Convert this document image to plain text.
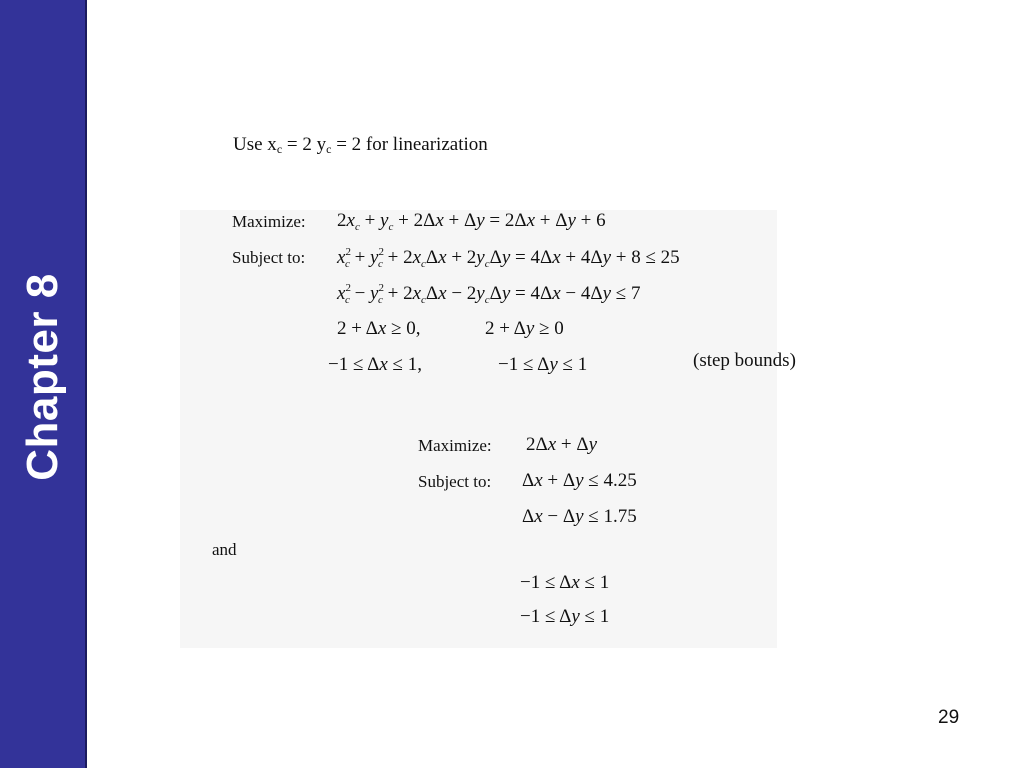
Chapter 8
Use $x_c = 2$ $y_c = 2$ for linearization
Maximize: $2x_c + y_c + 2\Delta x + \Delta y = 2\Delta x + \Delta y + 6$
Subject to: $x^2_c + y^2_c + 2x_c\Delta x + 2y_c\Delta y = 4\Delta x + 4\Delta y + 8 \le 25$
$x^2_c - y^2_c + 2x_c\Delta x - 2y_c\Delta y = 4\Delta x - 4\Delta y \le 7$
2 + Δx ≥ 0,	2 + Δy ≥ 0
−1 ≤ Δx ≤ 1,	−1 ≤ Δy ≤ 1
Maximize: 2Δx + Δy
Subject to: Δx + Δy ≤ 4.25
Δx − Δy ≤ 1.75
and
−1 ≤ Δx ≤ 1
−1 ≤ Δy ≤ 1
(step bounds)
29
